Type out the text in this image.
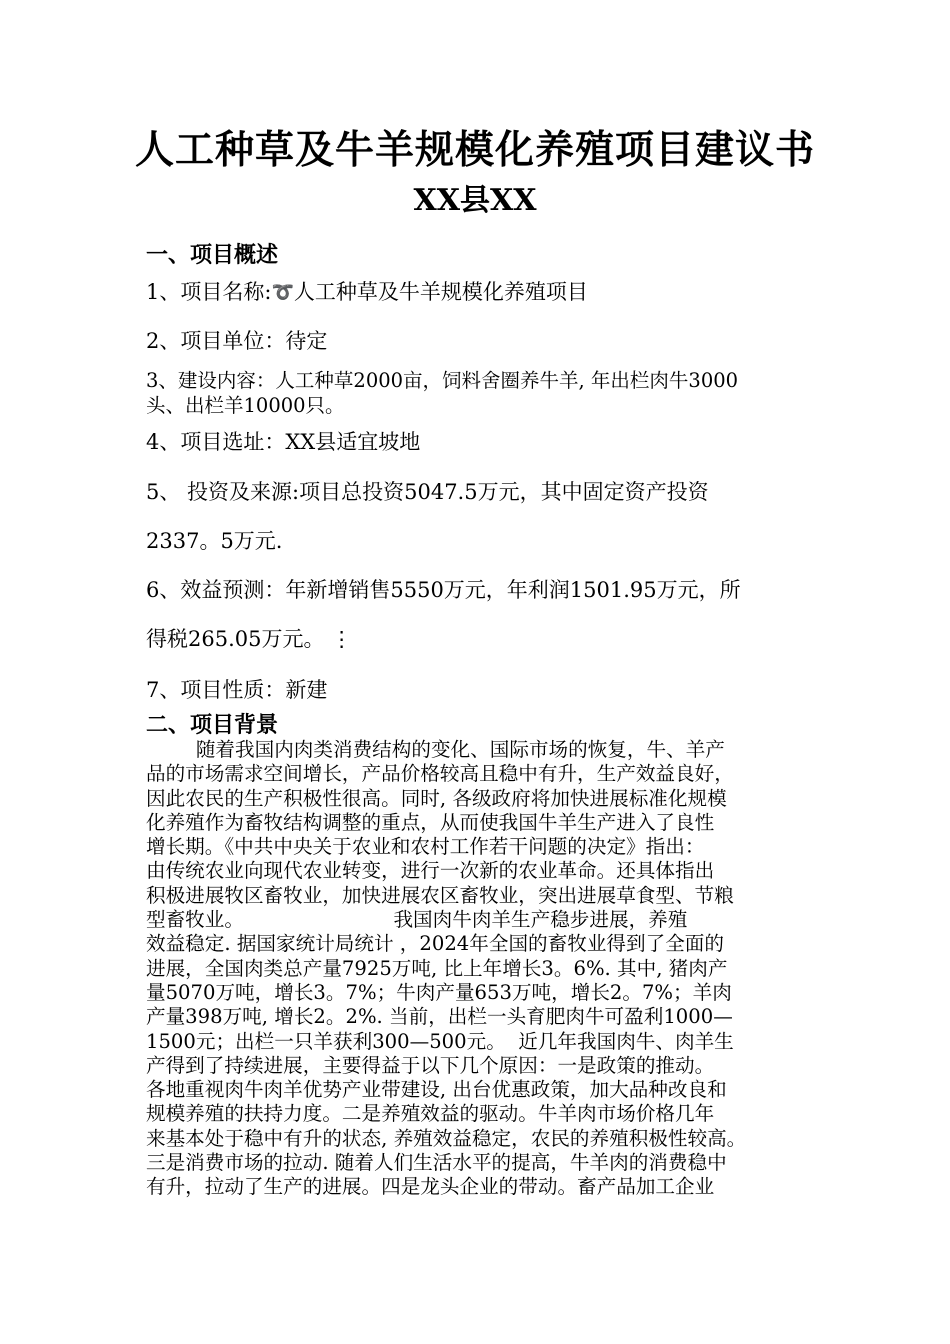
人工种草及牛羊规模化养殖项目建议书
XX县XX
一、项目概述
1、项目名称:➰人工种草及牛羊规模化养殖项目
2、项目单位：待定
3、建设内容：人工种草2000亩，饲料舍圈养牛羊, 年出栏肉牛3000
头、出栏羊10000只。
4、项目选址：XX县适宜坡地
5、 投资及来源:项目总投资5047.5万元，其中固定资产投资
2337。5万元.
6、效益预测：年新增销售5550万元，年利润1501.95万元，所
得税265.05万元。 ⋮
7、项目性质：新建
二、项目背景
随着我国内肉类消费结构的变化、国际市场的恢复，牛、羊产
品的市场需求空间增长，产品价格较高且稳中有升，生产效益良好，
因此农民的生产积极性很高。同时, 各级政府将加快进展标准化规模
化养殖作为畜牧结构调整的重点，从而使我国牛羊生产进入了良性
增长期。《中共中央关于农业和农村工作若干问题的决定》指出：
由传统农业向现代农业转变，进行一次新的农业革命。还具体指出
积极进展牧区畜牧业，加快进展农区畜牧业，突出进展草食型、节粮
型畜牧业。                        我国肉牛肉羊生产稳步进展，养殖
效益稳定. 据国家统计局统计 ，2024年全国的畜牧业得到了全面的
进展，全国肉类总产量7925万吨, 比上年增长3。6%. 其中, 猪肉产
量5070万吨，增长3。7%；牛肉产量653万吨，增长2。7%；羊肉
产量398万吨, 增长2。2%. 当前，出栏一头育肥肉牛可盈利1000—
1500元；出栏一只羊获利300—500元。  近几年我国肉牛、肉羊生
产得到了持续进展，主要得益于以下几个原因：一是政策的推动。
各地重视肉牛肉羊优势产业带建设, 出台优惠政策，加大品种改良和
规模养殖的扶持力度。二是养殖效益的驱动。牛羊肉市场价格几年
来基本处于稳中有升的状态, 养殖效益稳定，农民的养殖积极性较高。
三是消费市场的拉动. 随着人们生活水平的提高，牛羊肉的消费稳中
有升，拉动了生产的进展。四是龙头企业的带动。畜产品加工企业
